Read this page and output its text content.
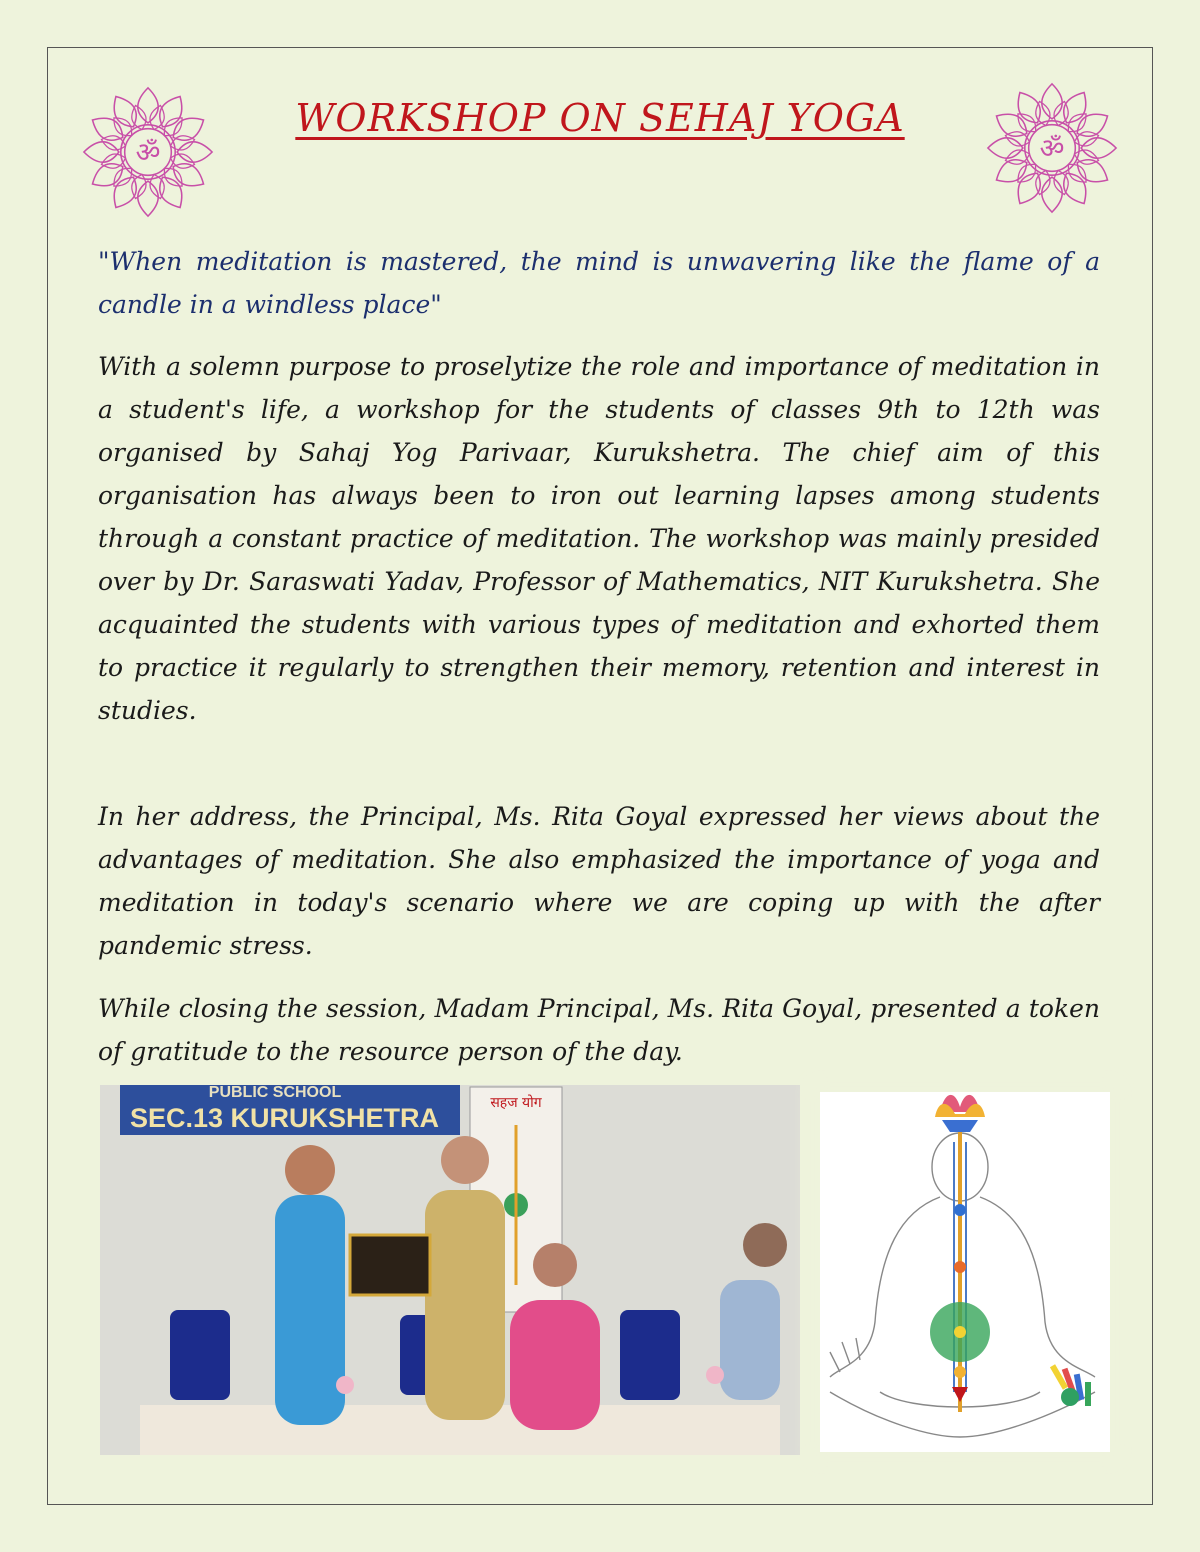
ॐ	ॐ
WORKSHOP ON SEHAJ YOGA

"When meditation is mastered, the mind is unwavering like the flame of a candle in a windless place"

With a solemn purpose to proselytize the role and importance of meditation in a student's life, a workshop for the students of classes 9th to 12th was organised by Sahaj Yog Parivaar, Kurukshetra. The chief aim of this organisation has always been to iron out learning lapses among students through a constant practice of meditation. The workshop was mainly presided over by Dr. Saraswati Yadav, Professor of Mathematics, NIT Kurukshetra. She acquainted the students with various types of meditation and exhorted them to practice it regularly to strengthen their memory, retention and interest in studies.

In her address, the Principal, Ms. Rita Goyal expressed her views about the advantages of meditation. She also emphasized the importance of yoga and meditation in today's scenario where we are coping up with the after pandemic stress.

While closing the session, Madam Principal, Ms. Rita Goyal, presented a token of gratitude to the resource person of the day.

PUBLIC SCHOOL
SEC.13 KURUKSHETRA	सहज योग
